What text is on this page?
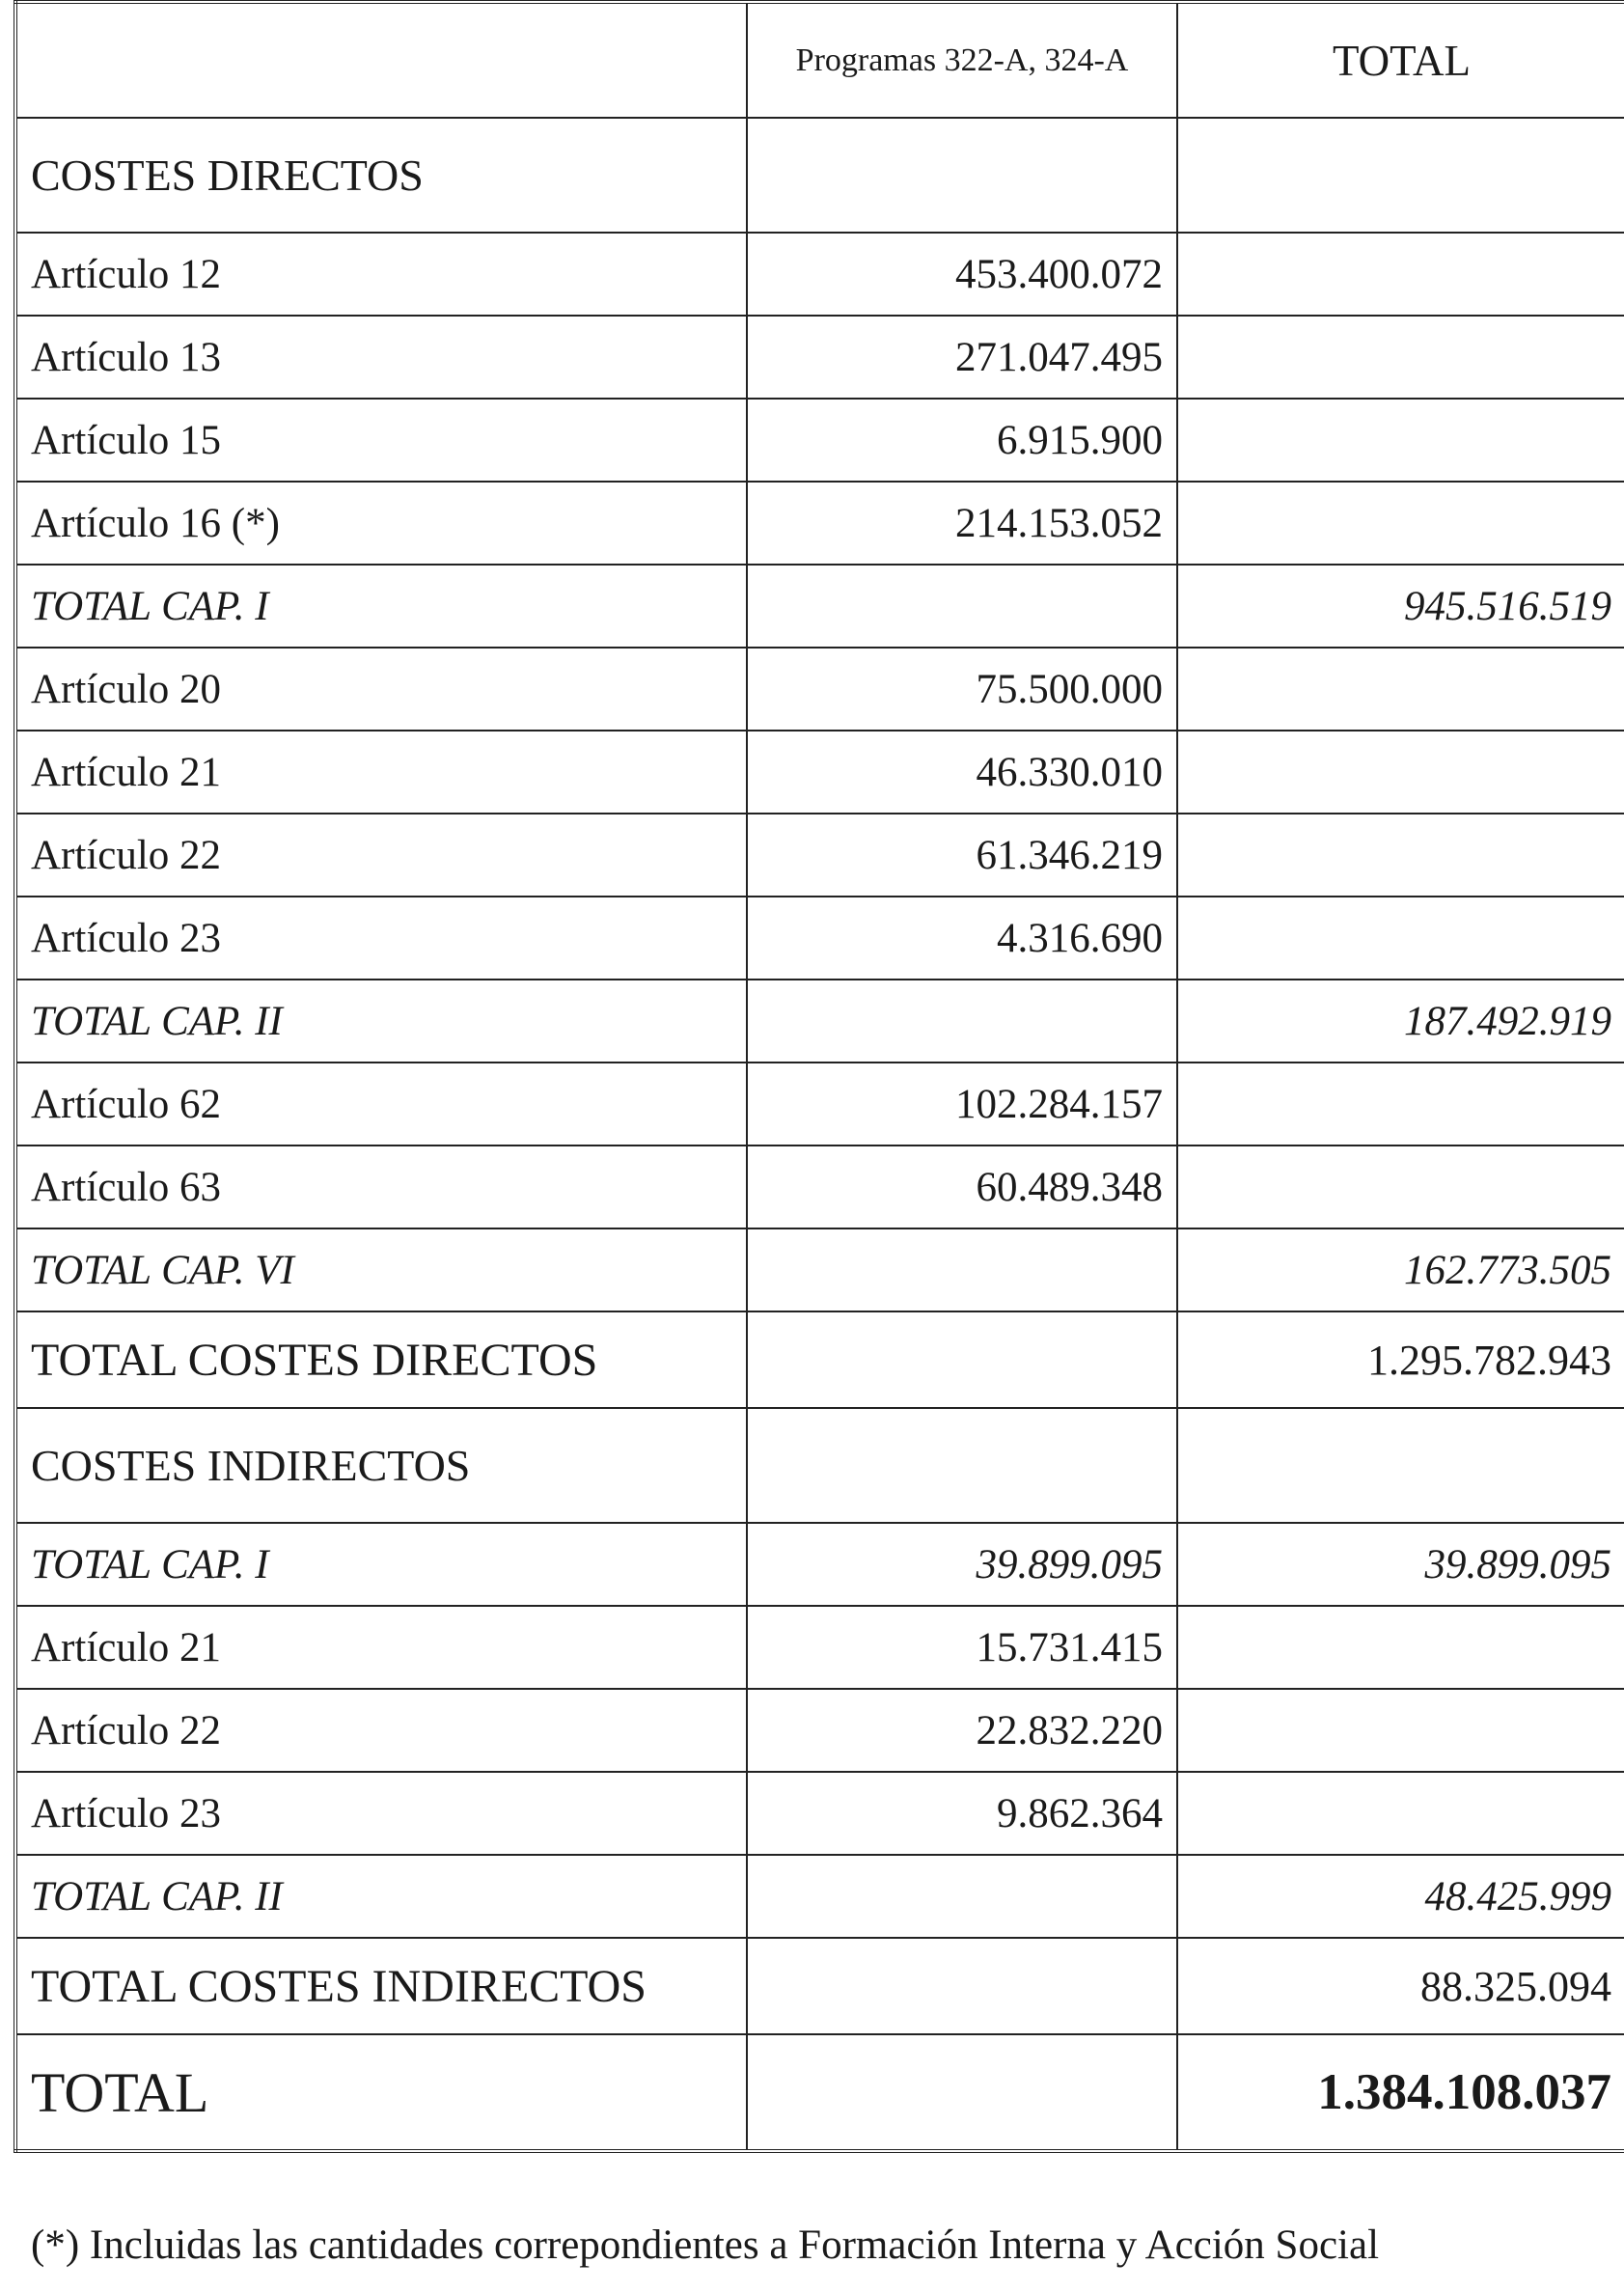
	Programas 322-A, 324-A	TOTAL
COSTES DIRECTOS		
Artículo 12	453.400.072	
Artículo 13	271.047.495	
Artículo 15	6.915.900	
Artículo 16 (*)	214.153.052	
TOTAL CAP. I		945.516.519
Artículo 20	75.500.000	
Artículo 21	46.330.010	
Artículo 22	61.346.219	
Artículo 23	4.316.690	
TOTAL CAP. II		187.492.919
Artículo 62	102.284.157	
Artículo 63	60.489.348	
TOTAL CAP. VI		162.773.505
TOTAL COSTES DIRECTOS		1.295.782.943
COSTES INDIRECTOS		
TOTAL CAP. I	39.899.095	39.899.095
Artículo 21	15.731.415	
Artículo 22	22.832.220	
Artículo 23	9.862.364	
TOTAL CAP. II		48.425.999
TOTAL COSTES INDIRECTOS		88.325.094
TOTAL		1.384.108.037
(*) Incluidas las cantidades correpondientes a Formación Interna y Acción Social
